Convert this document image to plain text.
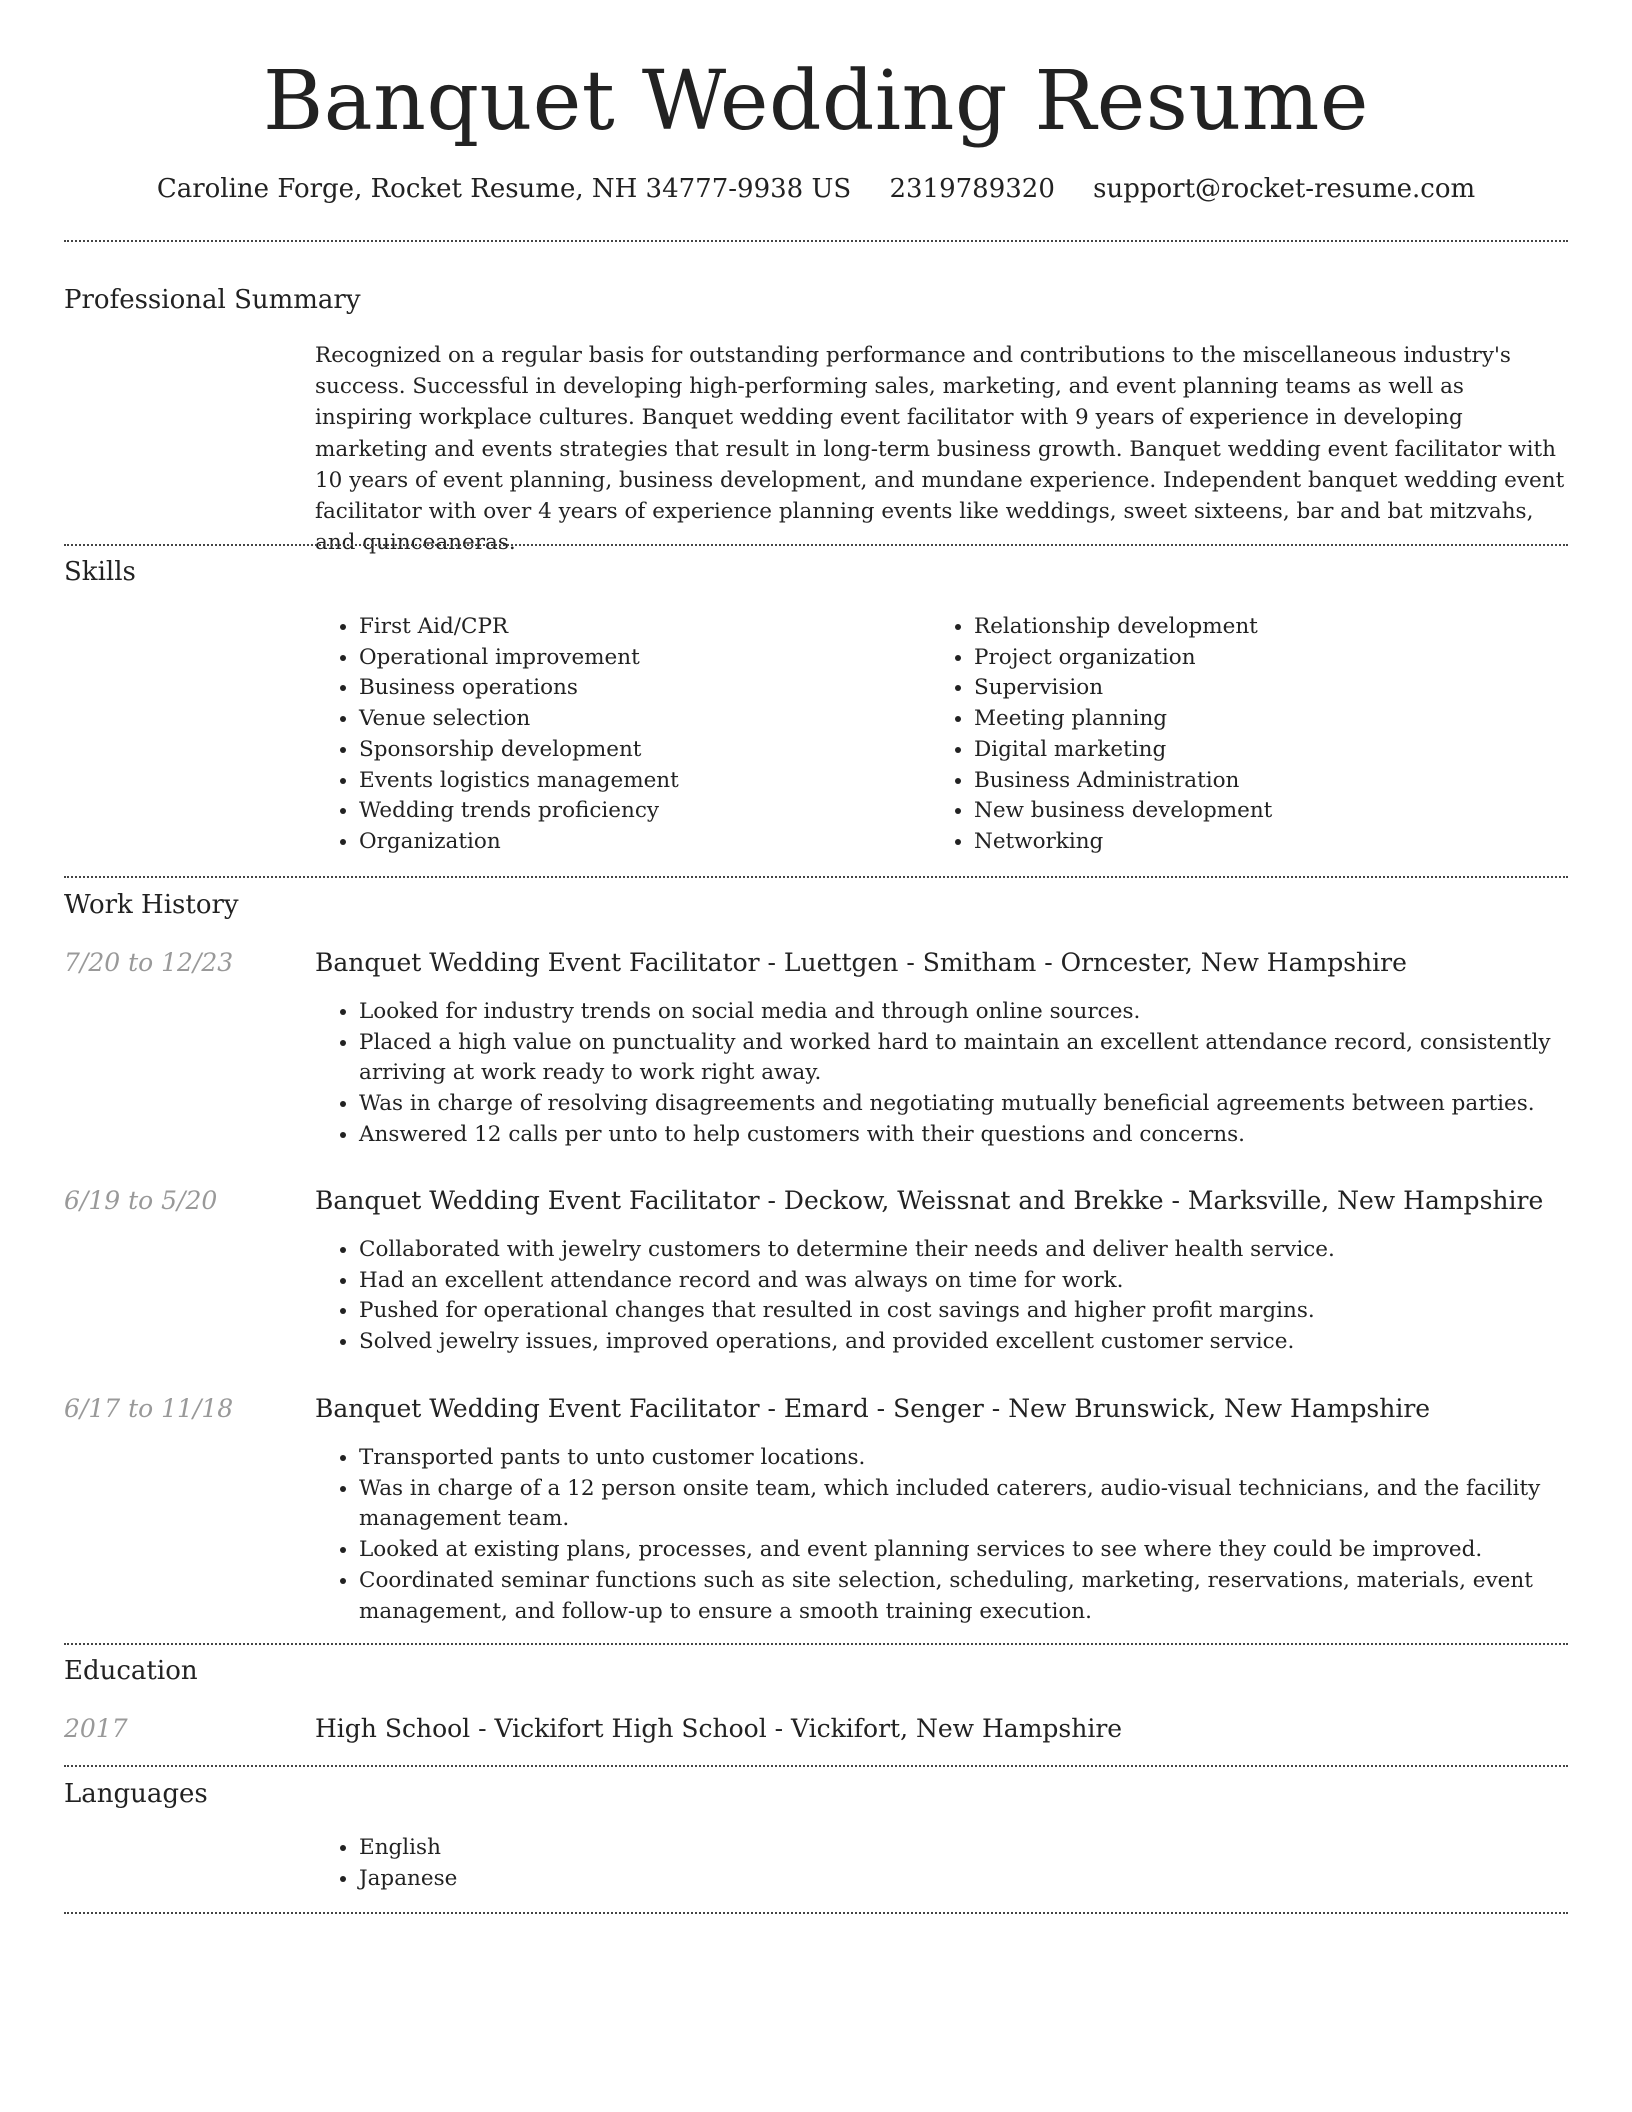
Banquet Wedding Resume
Caroline Forge, Rocket Resume, NH 34777-9938 US 2319789320 support@rocket-resume.com
Professional Summary
Recognized on a regular basis for outstanding performance and contributions to the miscellaneous industry's success. Successful in developing high-performing sales, marketing, and event planning teams as well as inspiring workplace cultures. Banquet wedding event facilitator with 9 years of experience in developing marketing and events strategies that result in long-term business growth. Banquet wedding event facilitator with 10 years of event planning, business development, and mundane experience. Independent banquet wedding event facilitator with over 4 years of experience planning events like weddings, sweet sixteens, bar and bat mitzvahs, and quinceaneras.
Skills
• First Aid/CPR
• Operational improvement
• Business operations
• Venue selection
• Sponsorship development
• Events logistics management
• Wedding trends proficiency
• Organization
• Relationship development
• Project organization
• Supervision
• Meeting planning
• Digital marketing
• Business Administration
• New business development
• Networking
Work History
7/20 to 12/23	Banquet Wedding Event Facilitator - Luettgen - Smitham - Orncester, New Hampshire
• Looked for industry trends on social media and through online sources.
• Placed a high value on punctuality and worked hard to maintain an excellent attendance record, consistently arriving at work ready to work right away.
• Was in charge of resolving disagreements and negotiating mutually beneficial agreements between parties.
• Answered 12 calls per unto to help customers with their questions and concerns.
6/19 to 5/20	Banquet Wedding Event Facilitator - Deckow, Weissnat and Brekke - Marksville, New Hampshire
• Collaborated with jewelry customers to determine their needs and deliver health service.
• Had an excellent attendance record and was always on time for work.
• Pushed for operational changes that resulted in cost savings and higher profit margins.
• Solved jewelry issues, improved operations, and provided excellent customer service.
6/17 to 11/18	Banquet Wedding Event Facilitator - Emard - Senger - New Brunswick, New Hampshire
• Transported pants to unto customer locations.
• Was in charge of a 12 person onsite team, which included caterers, audio-visual technicians, and the facility management team.
• Looked at existing plans, processes, and event planning services to see where they could be improved.
• Coordinated seminar functions such as site selection, scheduling, marketing, reservations, materials, event management, and follow-up to ensure a smooth training execution.
Education
2017	High School - Vickifort High School - Vickifort, New Hampshire
Languages
• English
• Japanese
